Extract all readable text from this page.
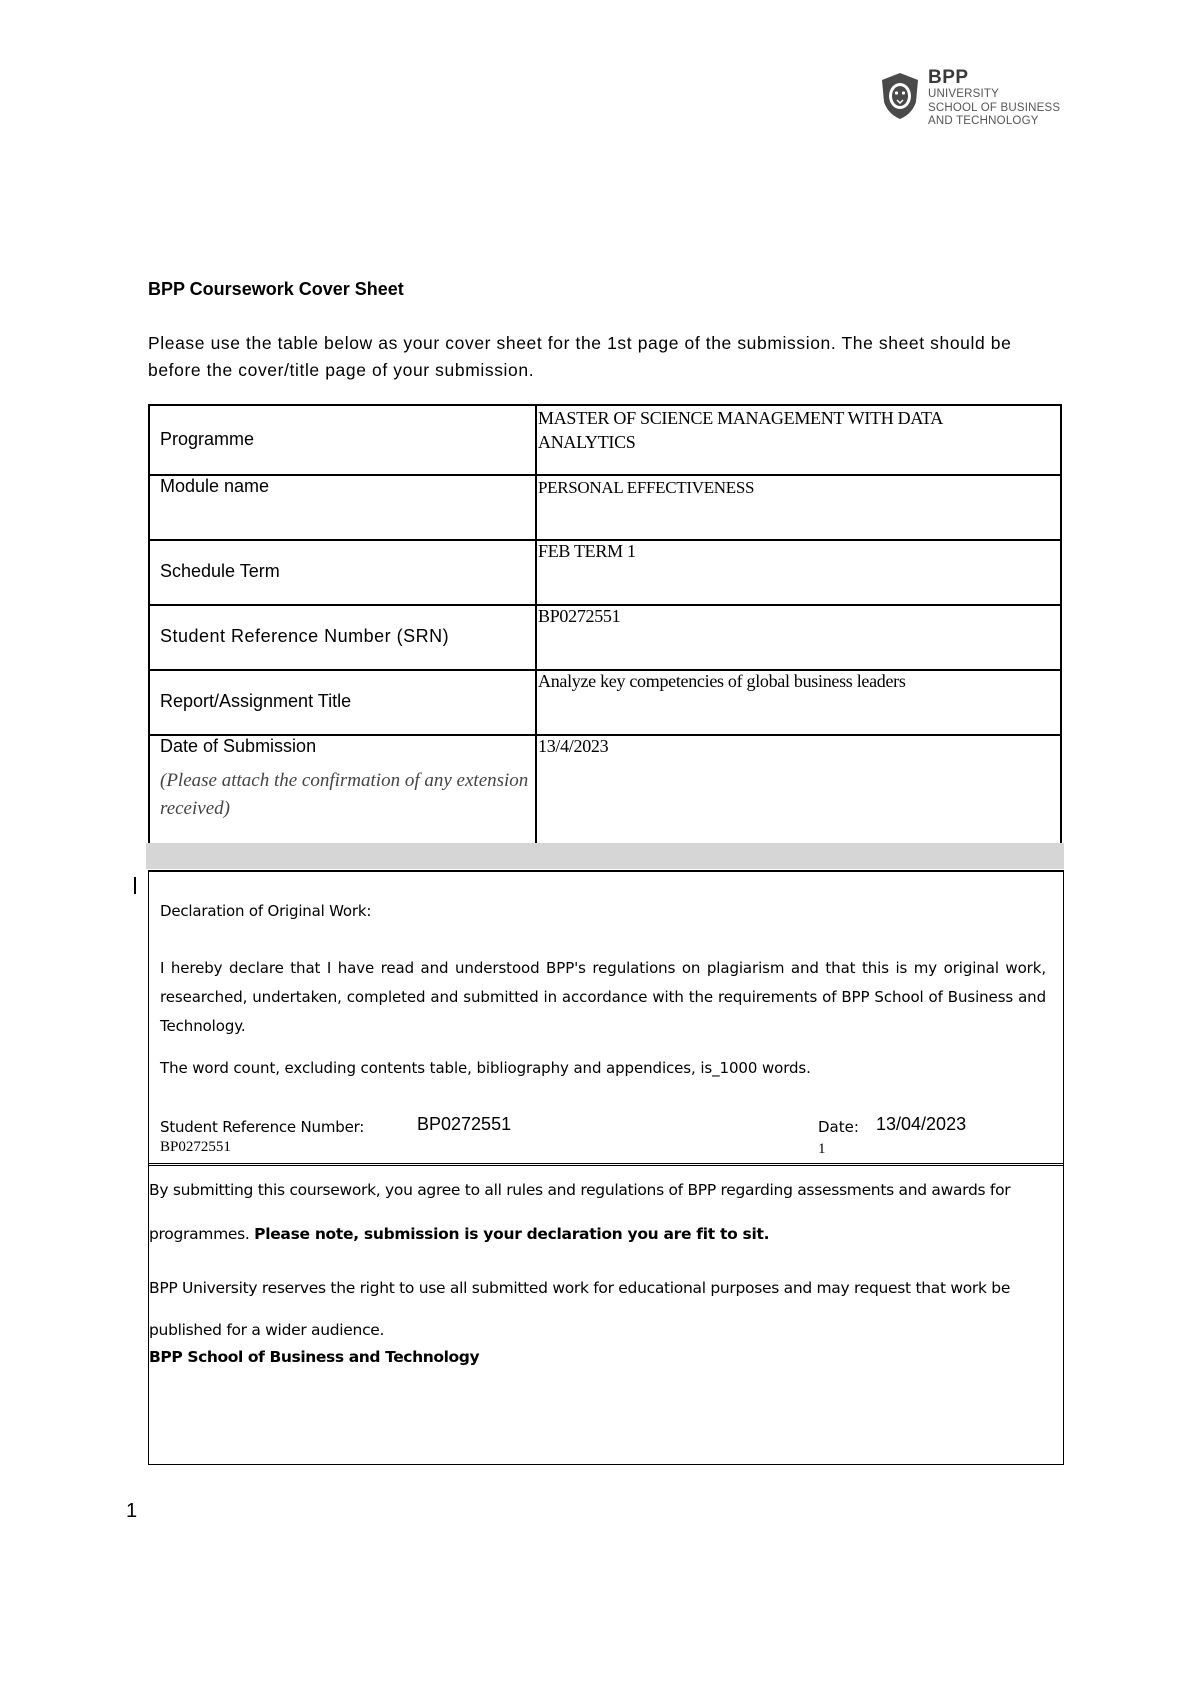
BPP
UNIVERSITY
SCHOOL OF BUSINESS
AND TECHNOLOGY
BPP Coursework Cover Sheet
Please use the table below as your cover sheet for the 1st page of the submission. The sheet should be before the cover/title page of your submission.
Programme	MASTER OF SCIENCE MANAGEMENT WITH DATA ANALYTICS

Module name	PERSONAL EFFECTIVENESS

Schedule Term	FEB TERM 1

Student Reference Number (SRN)	BP0272551

Report/Assignment Title	Analyze key competencies of global business leaders

Date of Submission
(Please attach the confirmation of any extension received)	13/4/2023
Declaration of Original Work:
I hereby declare that I have read and understood BPP's regulations on plagiarism and that this is my original work, researched, undertaken, completed and submitted in accordance with the requirements of BPP School of Business and Technology.
The word count, excluding contents table, bibliography and appendices, is_1000 words.
Student Reference Number:	BP0272551
BP0272551
Date: 13/04/2023
1
By submitting this coursework, you agree to all rules and regulations of BPP regarding assessments and awards for programmes. Please note, submission is your declaration you are fit to sit.
BPP University reserves the right to use all submitted work for educational purposes and may request that work be published for a wider audience.
BPP School of Business and Technology
1
